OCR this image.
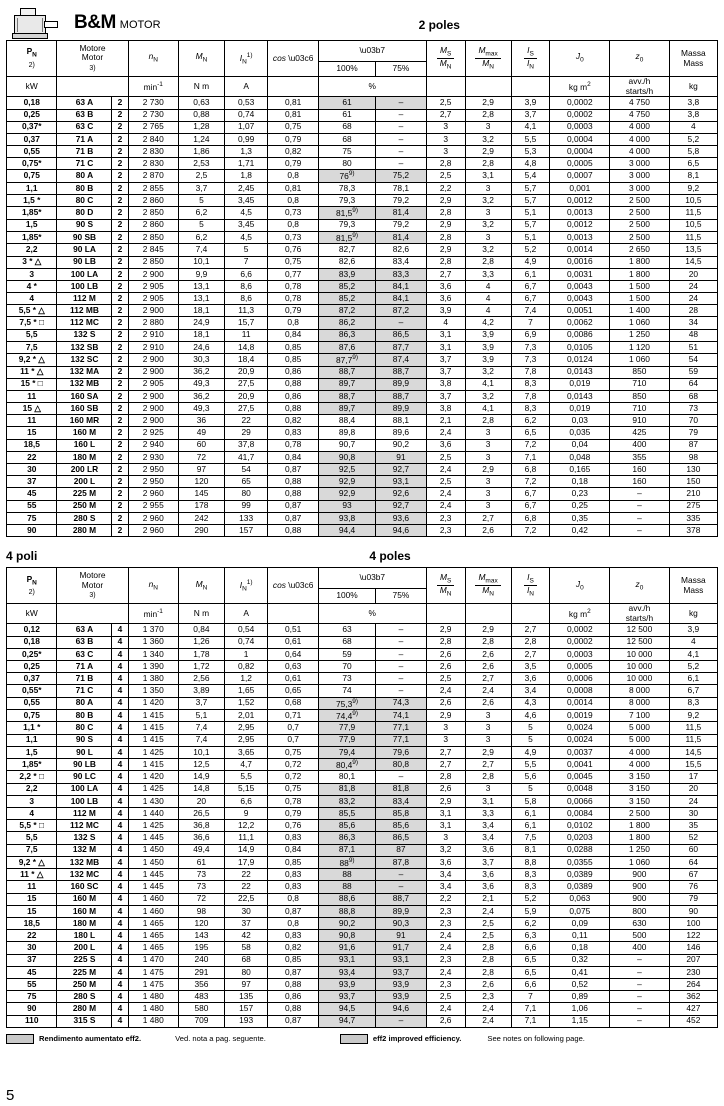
B&M MOTOR	2 poles
$P_N$
2)	Motore
Motor
3)		$n_N$	$M_N$	$I_N^{1)}$	cos \u03c6	\u03b7		$\frac{M_S}{M_N}$	$\frac{M_{max}}{M_N}$	$\frac{I_S}{I_N}$	$J_0$	$z_0$	Massa
Mass
							100%	75%						
kW			$\min^{-1}$	N m	A		%					kg $m^2$	avv./h
starts/h	kg
0,18	63 A	2	2 730	0,63	0,53	0,81	61	–	2,5	2,9	3,9	0,0002	4 750	3,8
0,25	63 B	2	2 730	0,88	0,74	0,81	61	–	2,7	2,8	3,7	0,0002	4 750	3,8
0,37*	63 C	2	2 765	1,28	1,07	0,75	68	–	3	3	4,1	0,0003	4 000	4
0,37	71 A	2	2 840	1,24	0,99	0,79	68	–	3	3,2	5,5	0,0004	4 000	5,2
0,55	71 B	2	2 830	1,86	1,3	0,82	75	–	3	2,9	5,3	0,0004	4 000	5,8
0,75*	71 C	2	2 830	2,53	1,71	0,79	80	–	2,8	2,8	4,8	0,0005	3 000	6,5
0,75	80 A	2	2 870	2,5	1,8	0,8	76$^{9)}$	75,2	2,5	3,1	5,4	0,0007	3 000	8,1
1,1	80 B	2	2 855	3,7	2,45	0,81	78,3	78,1	2,2	3	5,7	0,001	3 000	9,2
1,5 *	80 C	2	2 860	5	3,45	0,8	79,3	79,2	2,9	3,2	5,7	0,0012	2 500	10,5
1,85*	80 D	2	2 850	6,2	4,5	0,73	81,5$^{9)}$	81,4	2,8	3	5,1	0,0013	2 500	11,5
1,5	90 S	2	2 860	5	3,45	0,8	79,3	79,2	2,9	3,2	5,7	0,0012	2 500	10,5
1,85*	90 SB	2	2 850	6,2	4,5	0,73	81,5$^{9)}$	81,4	2,8	3	5,1	0,0013	2 500	11,5
2,2	90 LA	2	2 845	7,4	5	0,76	82,7	82,6	2,9	3,2	5,2	0,0014	2 650	13,5
3 * △	90 LB	2	2 850	10,1	7	0,75	82,6	83,4	2,8	2,8	4,9	0,0016	1 800	14,5
3	100 LA	2	2 900	9,9	6,6	0,77	83,9	83,3	2,7	3,3	6,1	0,0031	1 800	20
4 *	100 LB	2	2 905	13,1	8,6	0,78	85,2	84,1	3,6	4	6,7	0,0043	1 500	24
4	112 M	2	2 905	13,1	8,6	0,78	85,2	84,1	3,6	4	6,7	0,0043	1 500	24
5,5 * △	112 MB	2	2 900	18,1	11,3	0,79	87,2	87,2	3,9	4	7,4	0,0051	1 400	28
7,5 * □	112 MC	2	2 880	24,9	15,7	0,8	86,2	–	4	4,2	7	0,0062	1 060	34
5,5	132 S	2	2 910	18,1	11	0,84	86,3	86,5	3,1	3,9	6,9	0,0086	1 250	48
7,5	132 SB	2	2 910	24,6	14,8	0,85	87,6	87,7	3,1	3,9	7,3	0,0105	1 120	51
9,2 * △	132 SC	2	2 900	30,3	18,4	0,85	87,7$^{9)}$	87,4	3,7	3,9	7,3	0,0124	1 060	54
11 * △	132 MA	2	2 900	36,2	20,9	0,86	88,7	88,7	3,7	3,2	7,8	0,0143	850	59
15 * □	132 MB	2	2 905	49,3	27,5	0,88	89,7	89,9	3,8	4,1	8,3	0,019	710	64
11	160 SA	2	2 900	36,2	20,9	0,86	88,7	88,7	3,7	3,2	7,8	0,0143	850	68
15 △	160 SB	2	2 900	49,3	27,5	0,88	89,7	89,9	3,8	4,1	8,3	0,019	710	73
11	160 MR	2	2 900	36	22	0,82	88,4	88,1	2,1	2,8	6,2	0,03	910	70
15	160 M	2	2 925	49	29	0,83	89,8	89,6	2,4	3	6,5	0,035	425	79
18,5	160 L	2	2 940	60	37,8	0,78	90,7	90,2	3,6	3	7,2	0,04	400	87
22	180 M	2	2 930	72	41,7	0,84	90,8	91	2,5	3	7,1	0,048	355	98
30	200 LR	2	2 950	97	54	0,87	92,5	92,7	2,4	2,9	6,8	0,165	160	130
37	200 L	2	2 950	120	65	0,88	92,9	93,1	2,5	3	7,2	0,18	160	150
45	225 M	2	2 960	145	80	0,88	92,9	92,6	2,4	3	6,7	0,23	–	210
55	250 M	2	2 955	178	99	0,87	93	92,7	2,4	3	6,7	0,25	–	275
75	280 S	2	2 960	242	133	0,87	93,8	93,6	2,3	2,7	6,8	0,35	–	335
90	280 M	2	2 960	290	157	0,88	94,4	94,6	2,3	2,6	7,2	0,42	–	378
4 poli	4 poles
$P_N$
2)	Motore
Motor
3)		$n_N$	$M_N$	$I_N^{1)}$	cos \u03c6	\u03b7		$\frac{M_S}{M_N}$	$\frac{M_{max}}{M_N}$	$\frac{I_S}{I_N}$	$J_0$	$z_0$	Massa
Mass
							100%	75%						
kW			$\min^{-1}$	N m	A		%					kg $m^2$	avv./h
starts/h	kg
0,12	63 A	4	1 370	0,84	0,54	0,51	63	–	2,9	2,9	2,7	0,0002	12 500	3,9
0,18	63 B	4	1 360	1,26	0,74	0,61	68	–	2,8	2,8	2,8	0,0002	12 500	4
0,25*	63 C	4	1 340	1,78	1	0,64	59	–	2,6	2,6	2,7	0,0003	10 000	4,1
0,25	71 A	4	1 390	1,72	0,82	0,63	70	–	2,6	2,6	3,5	0,0005	10 000	5,2
0,37	71 B	4	1 380	2,56	1,2	0,61	73	–	2,5	2,7	3,6	0,0006	10 000	6,1
0,55*	71 C	4	1 350	3,89	1,65	0,65	74	–	2,4	2,4	3,4	0,0008	8 000	6,7
0,55	80 A	4	1 420	3,7	1,52	0,68	75,3$^{9)}$	74,3	2,6	2,6	4,3	0,0014	8 000	8,3
0,75	80 B	4	1 415	5,1	2,01	0,71	74,4$^{9)}$	74,1	2,9	3	4,6	0,0019	7 100	9,2
1,1 *	80 C	4	1 415	7,4	2,95	0,7	77,9	77,1	3	3	5	0,0024	5 000	11,5
1,1	90 S	4	1 415	7,4	2,95	0,7	77,9	77,1	3	3	5	0,0024	5 000	11,5
1,5	90 L	4	1 425	10,1	3,65	0,75	79,4	79,6	2,7	2,9	4,9	0,0037	4 000	14,5
1,85*	90 LB	4	1 415	12,5	4,7	0,72	80,4$^{9)}$	80,8	2,7	2,7	5,5	0,0041	4 000	15,5
2,2 * □	90 LC	4	1 420	14,9	5,5	0,72	80,1	–	2,8	2,8	5,6	0,0045	3 150	17
2,2	100 LA	4	1 425	14,8	5,15	0,75	81,8	81,8	2,6	3	5	0,0048	3 150	20
3	100 LB	4	1 430	20	6,6	0,78	83,2	83,4	2,9	3,1	5,8	0,0066	3 150	24
4	112 M	4	1 440	26,5	9	0,79	85,5	85,8	3,1	3,3	6,1	0,0084	2 500	30
5,5 * □	112 MC	4	1 425	36,8	12,2	0,76	85,6	85,6	3,1	3,4	6,1	0,0102	1 800	35
5,5	132 S	4	1 445	36,6	11,1	0,83	86,3	86,5	3	3,4	7,5	0,0203	1 800	52
7,5	132 M	4	1 450	49,4	14,9	0,84	87,1	87	3,2	3,6	8,1	0,0288	1 250	60
9,2 * △	132 MB	4	1 450	61	17,9	0,85	88$^{9)}$	87,8	3,6	3,7	8,8	0,0355	1 060	64
11 * △	132 MC	4	1 445	73	22	0,83	88	–	3,4	3,6	8,3	0,0389	900	67
11	160 SC	4	1 445	73	22	0,83	88	–	3,4	3,6	8,3	0,0389	900	76
15	160 M	4	1 460	72	22,5	0,8	88,6	88,7	2,2	2,1	5,2	0,063	900	79
15	160 M	4	1 460	98	30	0,87	88,8	89,9	2,3	2,4	5,9	0,075	800	90
18,5	180 M	4	1 465	120	37	0,8	90,2	90,3	2,3	2,5	6,2	0,09	630	100
22	180 L	4	1 465	143	42	0,83	90,8	91	2,4	2,5	6,3	0,11	500	122
30	200 L	4	1 465	195	58	0,82	91,6	91,7	2,4	2,8	6,6	0,18	400	146
37	225 S	4	1 470	240	68	0,85	93,1	93,1	2,3	2,8	6,5	0,32	–	207
45	225 M	4	1 475	291	80	0,87	93,4	93,7	2,4	2,8	6,5	0,41	–	230
55	250 M	4	1 475	356	97	0,88	93,9	93,9	2,3	2,6	6,6	0,52	–	264
75	280 S	4	1 480	483	135	0,86	93,7	93,9	2,5	2,3	7	0,89	–	362
90	280 M	4	1 480	580	157	0,88	94,5	94,6	2,4	2,4	7,1	1,06	–	427
110	315 S	4	1 480	709	193	0,87	94,7	–	2,6	2,4	7,1	1,15	–	452
Rendimento aumentato eff2.	Ved. nota a pag. seguente.	eff2 improved efficiency.	See notes on following page.
5
